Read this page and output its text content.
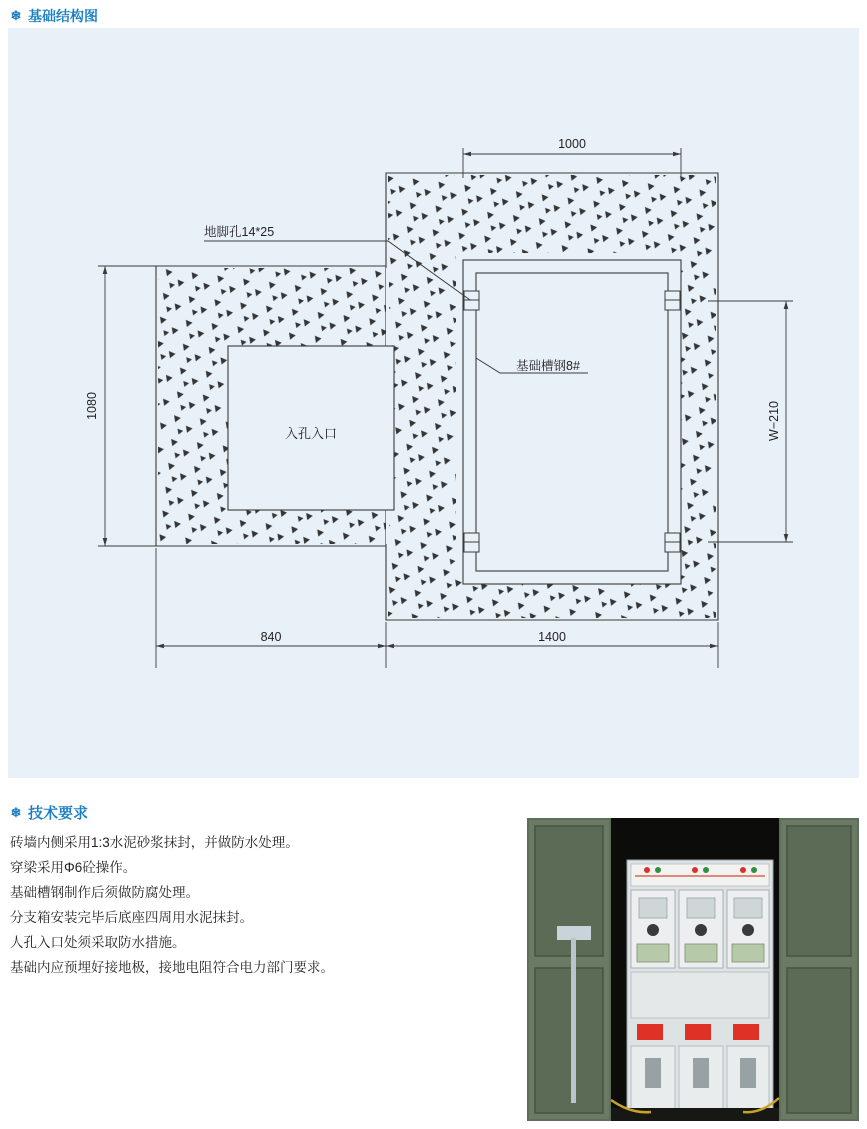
❄ 基础结构图
入孔入口
地脚孔14*25
基础槽钢8#
1000
1080	W−210
840	1400
❄ 技术要求
砖墙内侧采用1:3水泥砂浆抹封，并做防水处理。
穿梁采用Φ6砼操作。
基础槽钢制作后须做防腐处理。
分支箱安装完毕后底座四周用水泥抹封。
人孔入口处须采取防水措施。
基础内应预埋好接地极，接地电阻符合电力部门要求。
